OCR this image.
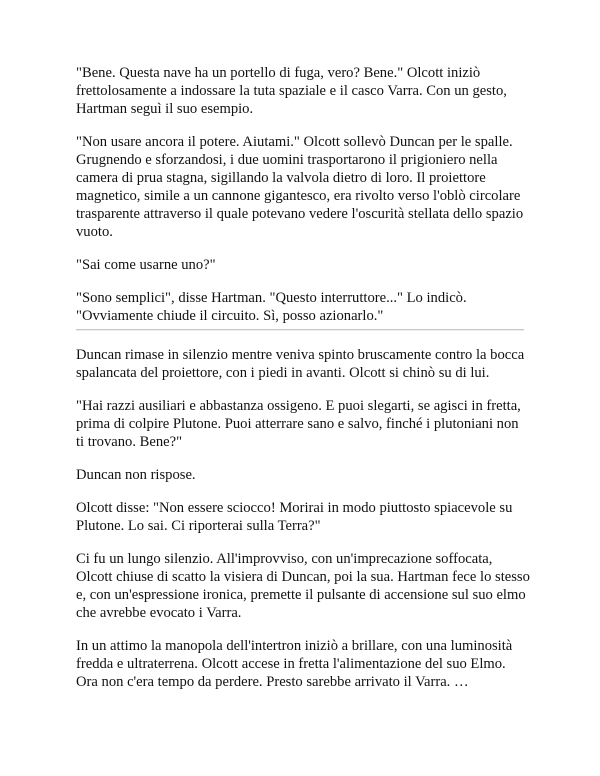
"Bene. Questa nave ha un portello di fuga, vero? Bene." Olcott iniziò frettolosamente a indossare la tuta spaziale e il casco Varra. Con un gesto, Hartman seguì il suo esempio.

"Non usare ancora il potere. Aiutami." Olcott sollevò Duncan per le spalle. Grugnendo e sforzandosi, i due uomini trasportarono il prigioniero nella camera di prua stagna, sigillando la valvola dietro di loro. Il proiettore magnetico, simile a un cannone gigantesco, era rivolto verso l'oblò circolare trasparente attraverso il quale potevano vedere l'oscurità stellata dello spazio vuoto.

"Sai come usarne uno?"

"Sono semplici", disse Hartman. "Questo interruttore..." Lo indicò. "Ovviamente chiude il circuito. Sì, posso azionarlo."

Duncan rimase in silenzio mentre veniva spinto bruscamente contro la bocca spalancata del proiettore, con i piedi in avanti. Olcott si chinò su di lui.

"Hai razzi ausiliari e abbastanza ossigeno. E puoi slegarti, se agisci in fretta, prima di colpire Plutone. Puoi atterrare sano e salvo, finché i plutoniani non ti trovano. Bene?"

Duncan non rispose.

Olcott disse: "Non essere sciocco! Morirai in modo piuttosto spiacevole su Plutone. Lo sai. Ci riporterai sulla Terra?"

Ci fu un lungo silenzio. All'improvviso, con un'imprecazione soffocata, Olcott chiuse di scatto la visiera di Duncan, poi la sua. Hartman fece lo stesso e, con un'espressione ironica, premette il pulsante di accensione sul suo elmo che avrebbe evocato i Varra.

In un attimo la manopola dell'intertron iniziò a brillare, con una luminosità fredda e ultraterrena. Olcott accese in fretta l'alimentazione del suo Elmo. Ora non c'era tempo da perdere. Presto sarebbe arrivato il Varra. …
